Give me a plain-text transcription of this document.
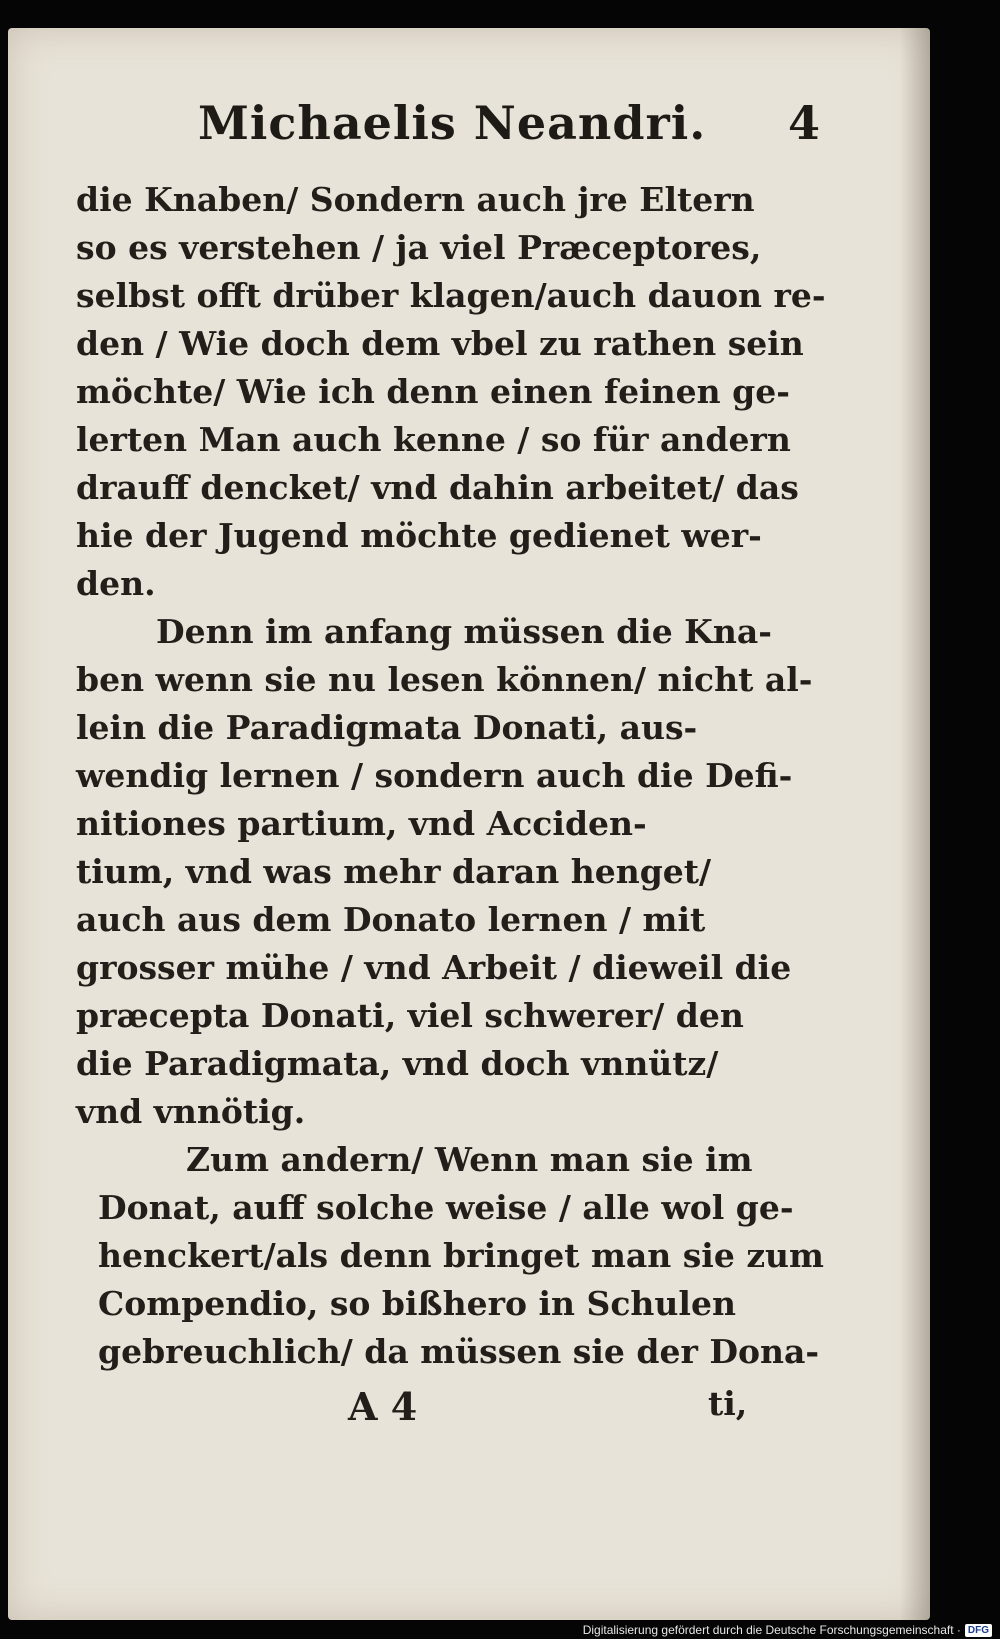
Michaelis Neandri. 4
die Knaben/ Sondern auch jre Eltern
so es verstehen / ja viel Præceptores,
selbst offt drüber klagen/auch dauon re-
den / Wie doch dem vbel zu rathen sein
möchte/ Wie ich denn einen feinen ge-
lerten Man auch kenne / so für andern
drauff dencket/ vnd dahin arbeitet/ das
hie der Jugend möchte gedienet wer-
den.
Denn im anfang müssen die Kna-
ben wenn sie nu lesen können/ nicht al-
lein die Paradigmata Donati, aus-
wendig lernen / sondern auch die Defi-
nitiones partium, vnd Acciden-
tium, vnd was mehr daran henget/
auch aus dem Donato lernen / mit
grosser mühe / vnd Arbeit / dieweil die
præcepta Donati, viel schwerer/ den
die Paradigmata, vnd doch vnnütz/
vnd vnnötig.
Zum andern/ Wenn man sie im
Donat, auff solche weise / alle wol ge-
henckert/als denn bringet man sie zum
Compendio, so bißhero in Schulen
gebreuchlich/ da müssen sie der Dona-
A 4	ti,
Digitalisierung gefördert durch die Deutsche Forschungsgemeinschaft · DFG
